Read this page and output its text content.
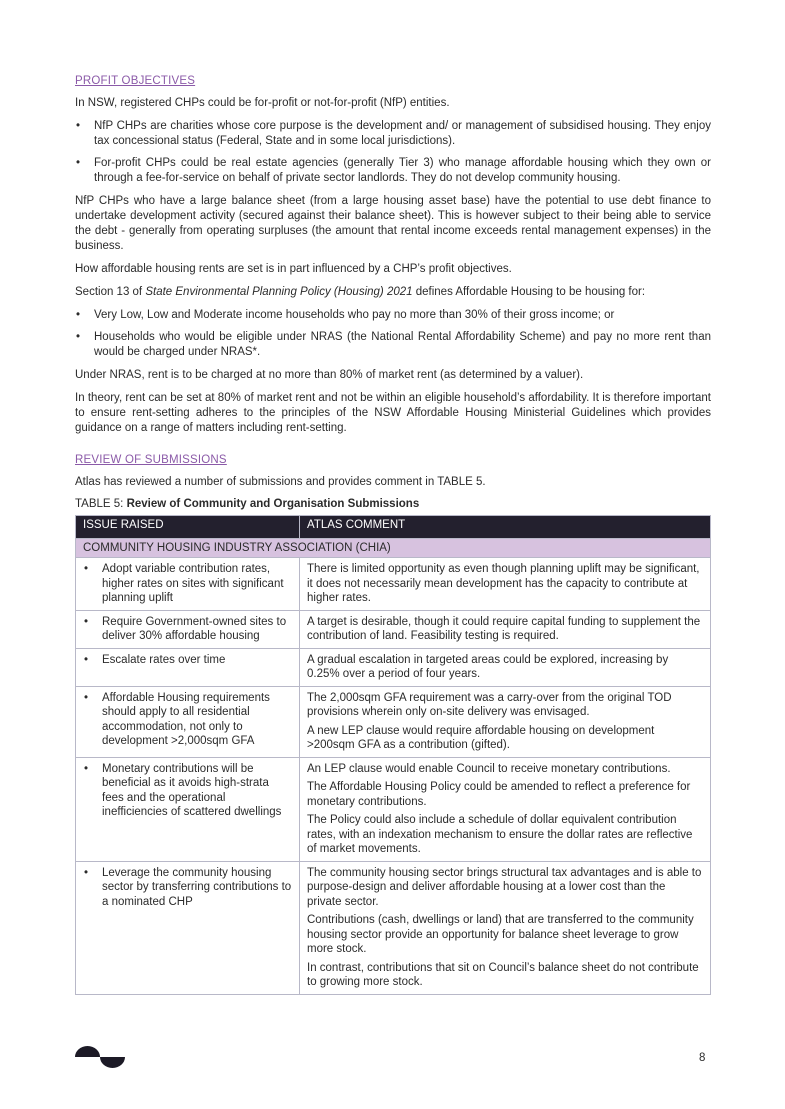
PROFIT OBJECTIVES

In NSW, registered CHPs could be for-profit or not-for-profit (NfP) entities.

• NfP CHPs are charities whose core purpose is the development and/ or management of subsidised housing. They enjoy tax concessional status (Federal, State and in some local jurisdictions).
• For-profit CHPs could be real estate agencies (generally Tier 3) who manage affordable housing which they own or through a fee-for-service on behalf of private sector landlords. They do not develop community housing.

NfP CHPs who have a large balance sheet (from a large housing asset base) have the potential to use debt finance to undertake development activity (secured against their balance sheet). This is however subject to their being able to service the debt - generally from operating surpluses (the amount that rental income exceeds rental management expenses) in the business.

How affordable housing rents are set is in part influenced by a CHP’s profit objectives.

Section 13 of State Environmental Planning Policy (Housing) 2021 defines Affordable Housing to be housing for:

• Very Low, Low and Moderate income households who pay no more than 30% of their gross income; or
• Households who would be eligible under NRAS (the National Rental Affordability Scheme) and pay no more rent than would be charged under NRAS*.

Under NRAS, rent is to be charged at no more than 80% of market rent (as determined by a valuer).

In theory, rent can be set at 80% of market rent and not be within an eligible household’s affordability. It is therefore important to ensure rent-setting adheres to the principles of the NSW Affordable Housing Ministerial Guidelines which provides guidance on a range of matters including rent-setting.

REVIEW OF SUBMISSIONS

Atlas has reviewed a number of submissions and provides comment in TABLE 5.

TABLE 5: Review of Community and Organisation Submissions
ISSUE RAISED	ATLAS COMMENT
COMMUNITY HOUSING INDUSTRY ASSOCIATION (CHIA)	

• Adopt variable contribution rates, higher rates on sites with significant planning uplift	There is limited opportunity as even though planning uplift may be significant, it does not necessarily mean development has the capacity to contribute at higher rates.

• Require Government-owned sites to deliver 30% affordable housing	A target is desirable, though it could require capital funding to supplement the contribution of land. Feasibility testing is required.

• Escalate rates over time	A gradual escalation in targeted areas could be explored, increasing by 0.25% over a period of four years.

• Affordable Housing requirements should apply to all residential accommodation, not only to development >2,000sqm GFA	The 2,000sqm GFA requirement was a carry-over from the original TOD provisions wherein only on-site delivery was envisaged.
A new LEP clause would require affordable housing on development >200sqm GFA as a contribution (gifted).

• Monetary contributions will be beneficial as it avoids high-strata fees and the operational inefficiencies of scattered dwellings	An LEP clause would enable Council to receive monetary contributions.
The Affordable Housing Policy could be amended to reflect a preference for monetary contributions.
The Policy could also include a schedule of dollar equivalent contribution rates, with an indexation mechanism to ensure the dollar rates are reflective of market movements.

• Leverage the community housing sector by transferring contributions to a nominated CHP	The community housing sector brings structural tax advantages and is able to purpose-design and deliver affordable housing at a lower cost than the private sector.
Contributions (cash, dwellings or land) that are transferred to the community housing sector provide an opportunity for balance sheet leverage to grow more stock.
In contrast, contributions that sit on Council’s balance sheet do not contribute to growing more stock.
8
